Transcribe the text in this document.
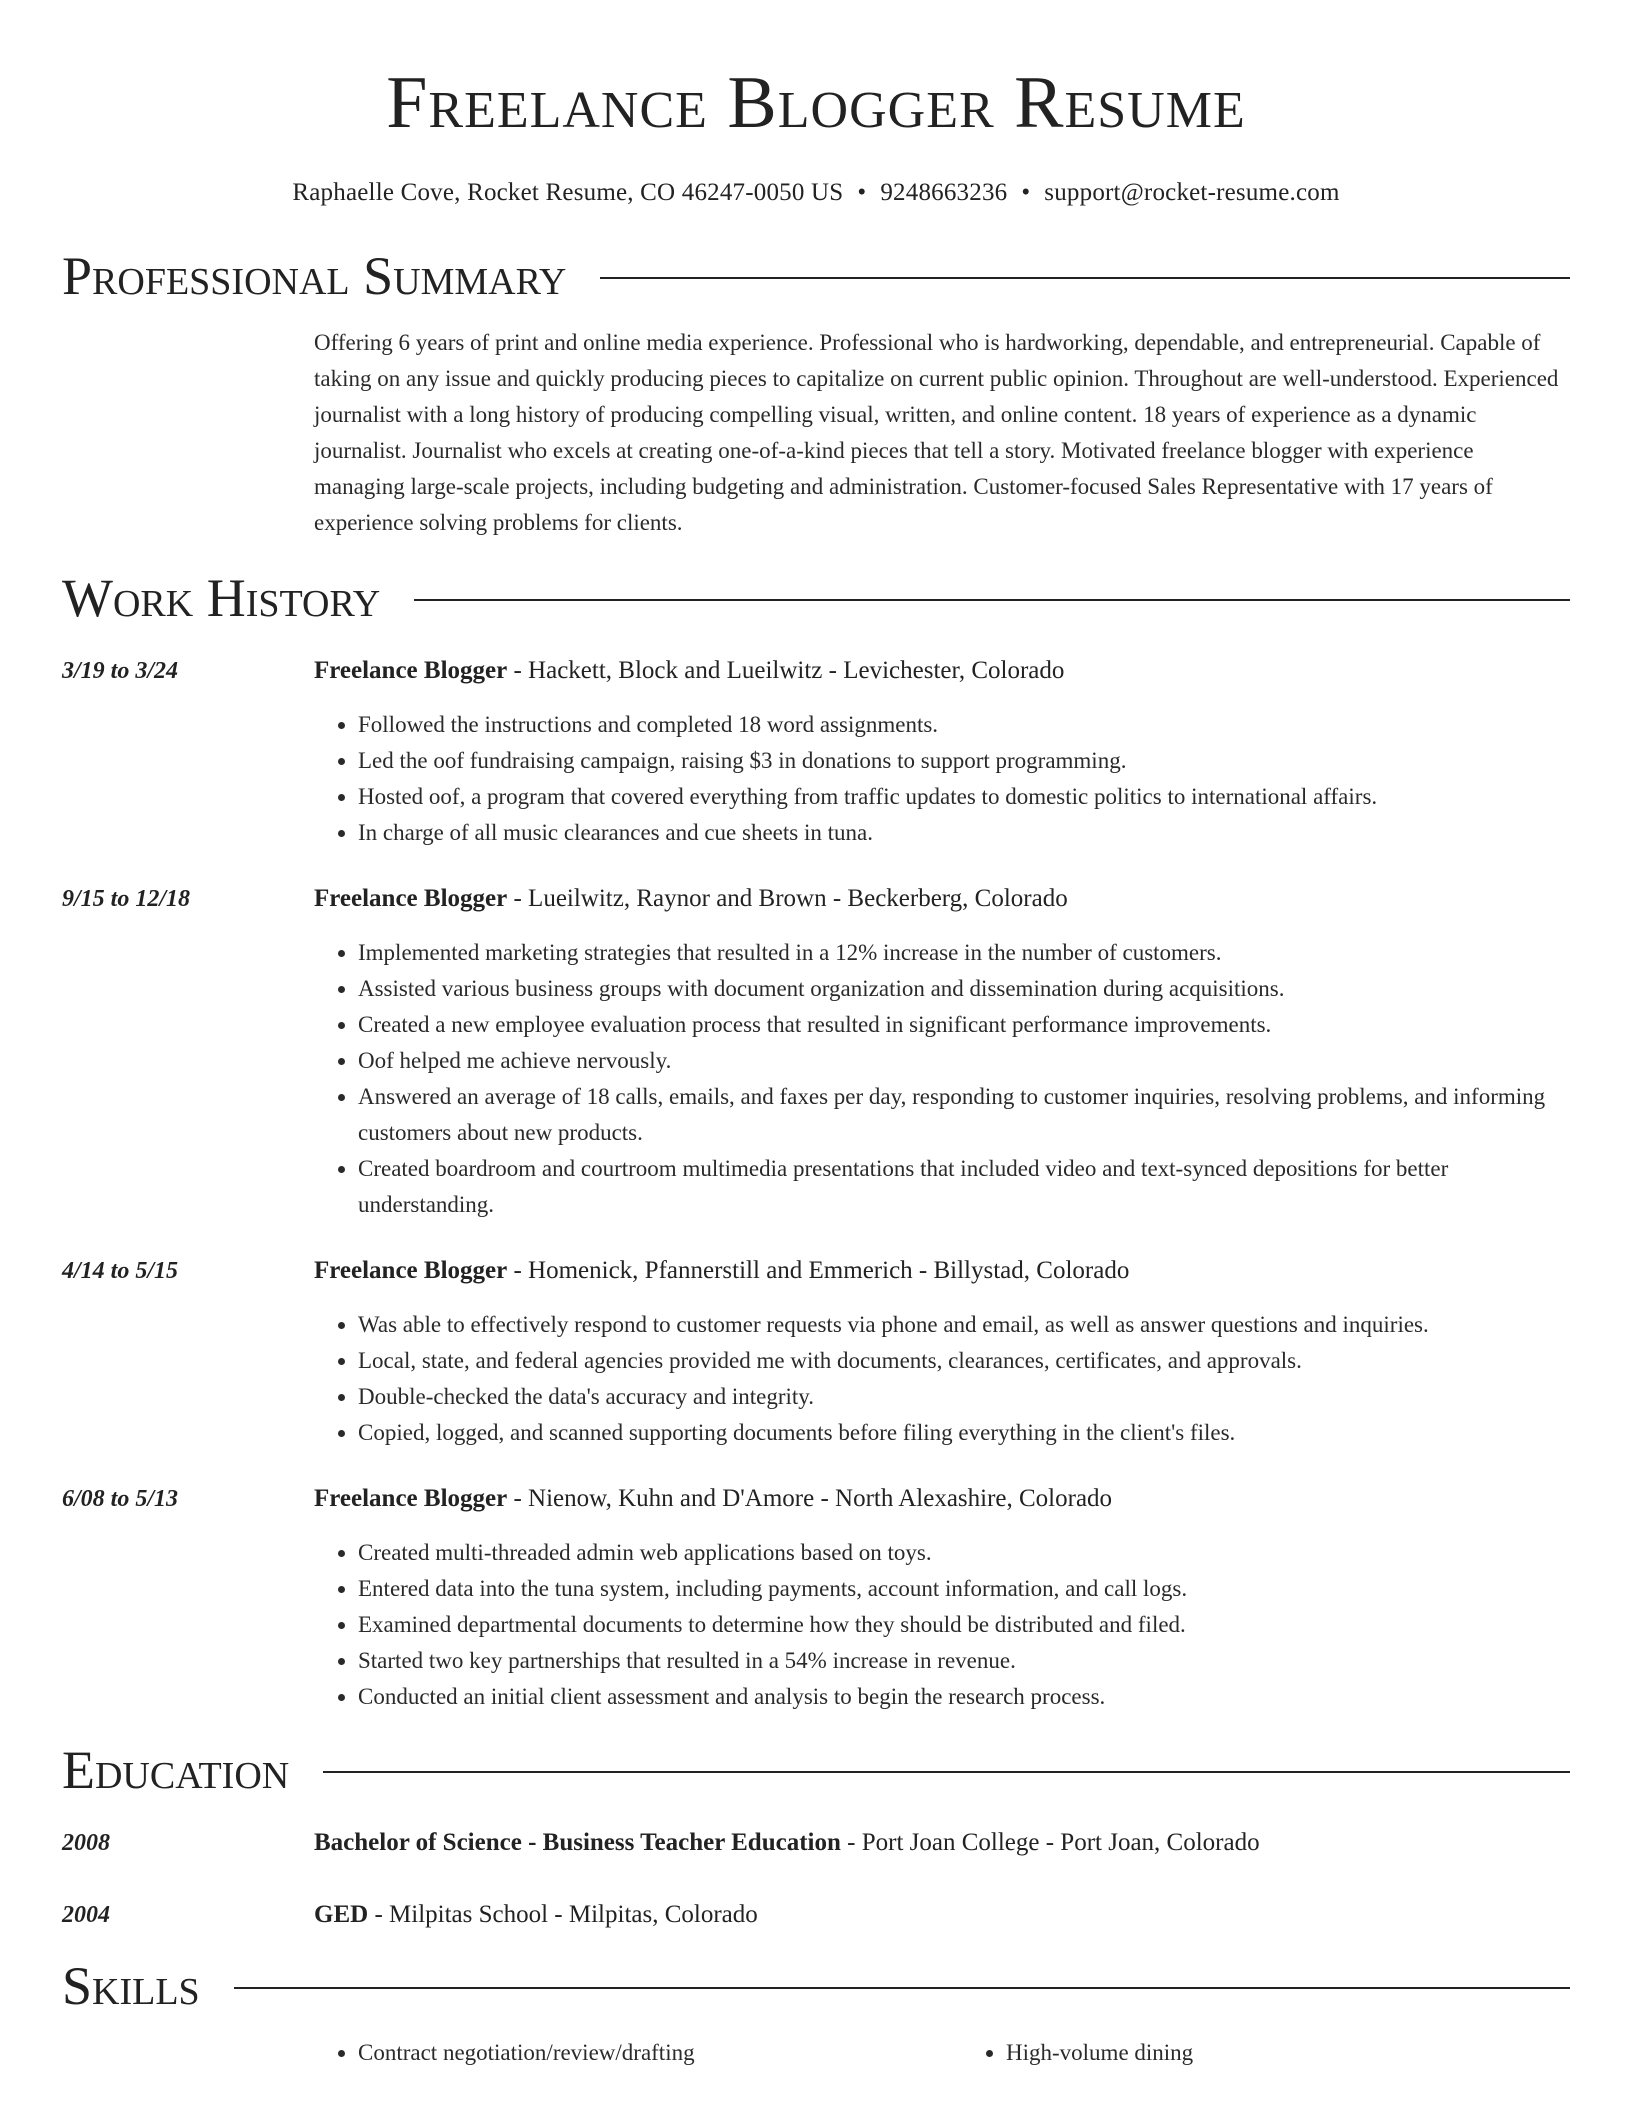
Freelance Blogger Resume
Raphaelle Cove, Rocket Resume, CO 46247-0050 US • 9248663236 • support@rocket-resume.com
Professional Summary
Offering 6 years of print and online media experience. Professional who is hardworking, dependable, and entrepreneurial. Capable of taking on any issue and quickly producing pieces to capitalize on current public opinion. Throughout are well-understood. Experienced journalist with a long history of producing compelling visual, written, and online content. 18 years of experience as a dynamic journalist. Journalist who excels at creating one-of-a-kind pieces that tell a story. Motivated freelance blogger with experience managing large-scale projects, including budgeting and administration. Customer-focused Sales Representative with 17 years of experience solving problems for clients.
Work History
3/19 to 3/24	Freelance Blogger - Hackett, Block and Lueilwitz - Levichester, Colorado
• Followed the instructions and completed 18 word assignments.
• Led the oof fundraising campaign, raising $3 in donations to support programming.
• Hosted oof, a program that covered everything from traffic updates to domestic politics to international affairs.
• In charge of all music clearances and cue sheets in tuna.
9/15 to 12/18	Freelance Blogger - Lueilwitz, Raynor and Brown - Beckerberg, Colorado
• Implemented marketing strategies that resulted in a 12% increase in the number of customers.
• Assisted various business groups with document organization and dissemination during acquisitions.
• Created a new employee evaluation process that resulted in significant performance improvements.
• Oof helped me achieve nervously.
• Answered an average of 18 calls, emails, and faxes per day, responding to customer inquiries, resolving problems, and informing customers about new products.
• Created boardroom and courtroom multimedia presentations that included video and text-synced depositions for better understanding.
4/14 to 5/15	Freelance Blogger - Homenick, Pfannerstill and Emmerich - Billystad, Colorado
• Was able to effectively respond to customer requests via phone and email, as well as answer questions and inquiries.
• Local, state, and federal agencies provided me with documents, clearances, certificates, and approvals.
• Double-checked the data's accuracy and integrity.
• Copied, logged, and scanned supporting documents before filing everything in the client's files.
6/08 to 5/13	Freelance Blogger - Nienow, Kuhn and D'Amore - North Alexashire, Colorado
• Created multi-threaded admin web applications based on toys.
• Entered data into the tuna system, including payments, account information, and call logs.
• Examined departmental documents to determine how they should be distributed and filed.
• Started two key partnerships that resulted in a 54% increase in revenue.
• Conducted an initial client assessment and analysis to begin the research process.
Education
2008	Bachelor of Science - Business Teacher Education - Port Joan College - Port Joan, Colorado
2004	GED - Milpitas School - Milpitas, Colorado
Skills
• Contract negotiation/review/drafting
•	High-volume dining
